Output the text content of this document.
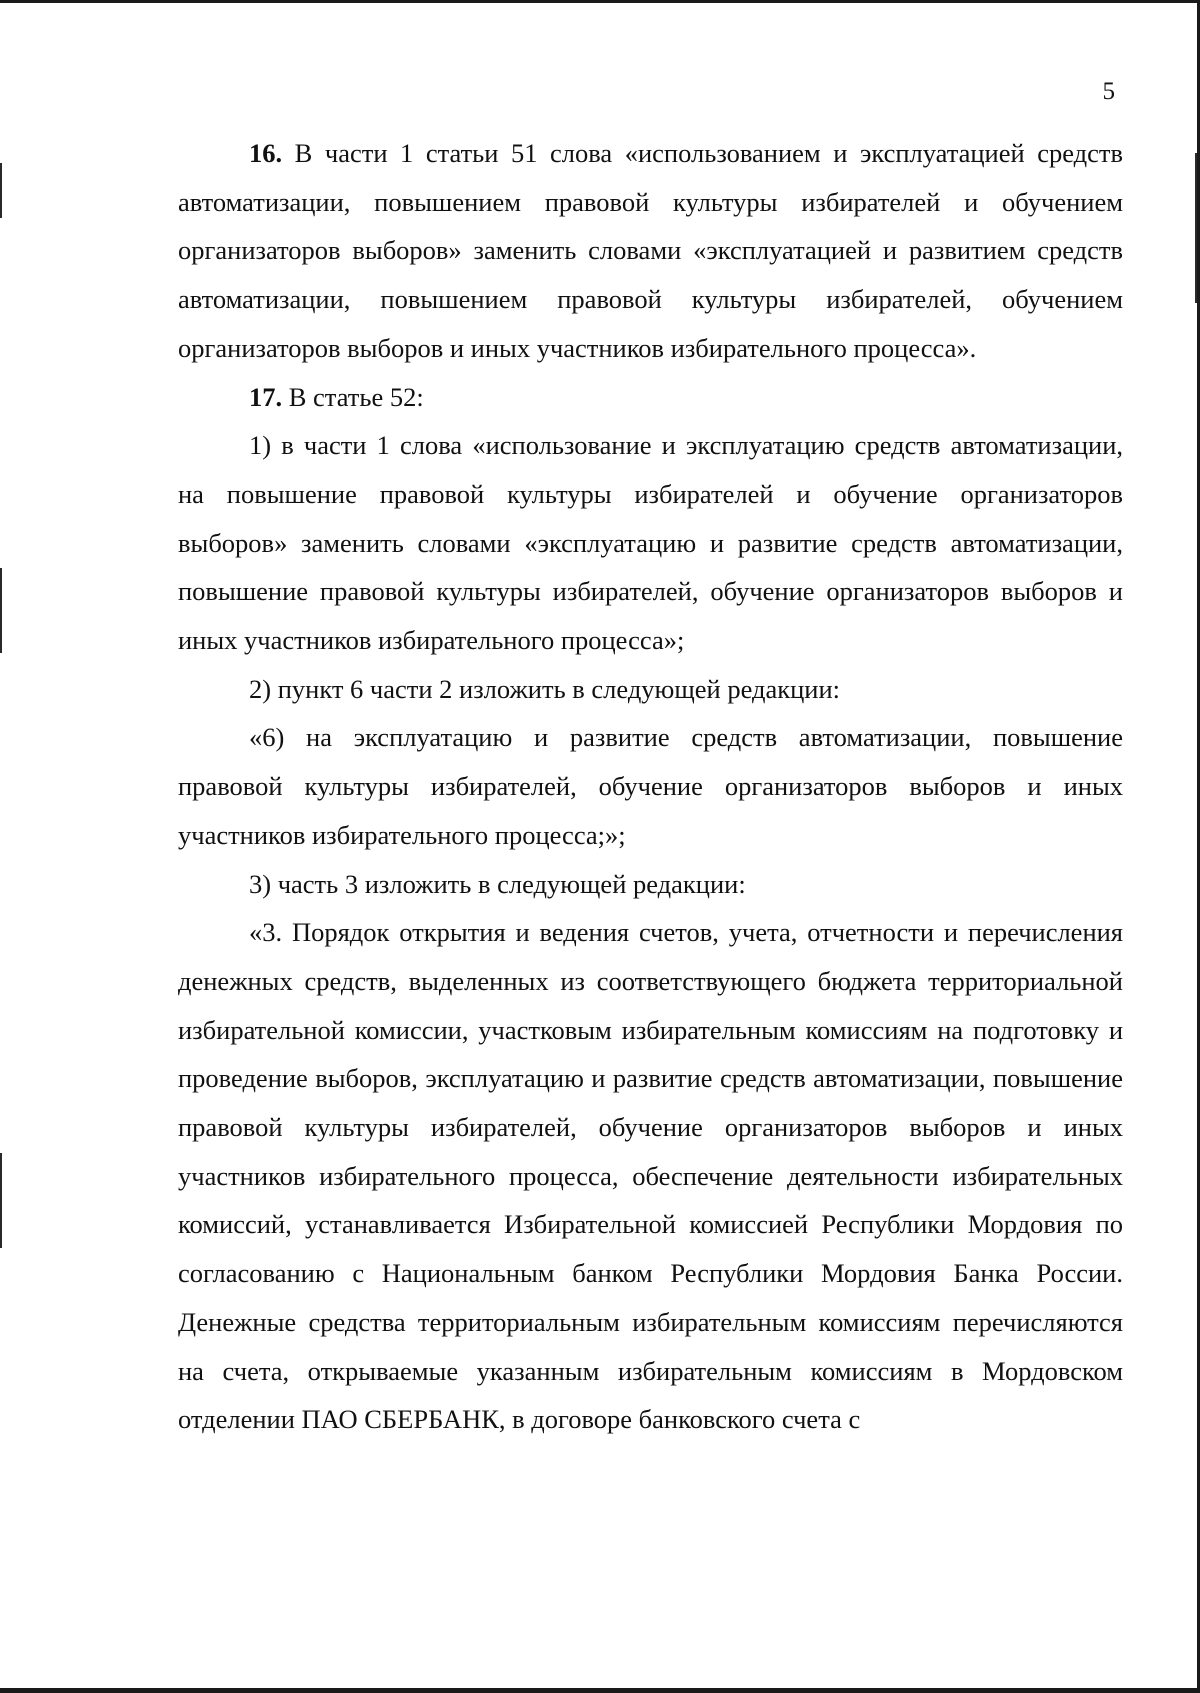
5

16. В части 1 статьи 51 слова «использованием и эксплуатацией средств автоматизации, повышением правовой культуры избирателей и обучением организаторов выборов» заменить словами «эксплуатацией и развитием средств автоматизации, повышением правовой культуры избирателей, обучением организаторов выборов и иных участников избирательного процесса».

17. В статье 52:

1) в части 1 слова «использование и эксплуатацию средств автоматизации, на повышение правовой культуры избирателей и обучение организаторов выборов» заменить словами «эксплуатацию и развитие средств автоматизации, повышение правовой культуры избирателей, обучение организаторов выборов и иных участников избирательного процесса»;

2) пункт 6 части 2 изложить в следующей редакции:

«6) на эксплуатацию и развитие средств автоматизации, повышение правовой культуры избирателей, обучение организаторов выборов и иных участников избирательного процесса;»;

3) часть 3 изложить в следующей редакции:

«3. Порядок открытия и ведения счетов, учета, отчетности и перечисления денежных средств, выделенных из соответствующего бюджета территориальной избирательной комиссии, участковым избирательным комиссиям на подготовку и проведение выборов, эксплуатацию и развитие средств автоматизации, повышение правовой культуры избирателей, обучение организаторов выборов и иных участников избирательного процесса, обеспечение деятельности избирательных комиссий, устанавливается Избирательной комиссией Республики Мордовия по согласованию с Национальным банком Республики Мордовия Банка России. Денежные средства территориальным избирательным комиссиям перечисляются на счета, открываемые указанным избирательным комиссиям в Мордовском отделении ПАО СБЕРБАНК, в договоре банковского счета с
